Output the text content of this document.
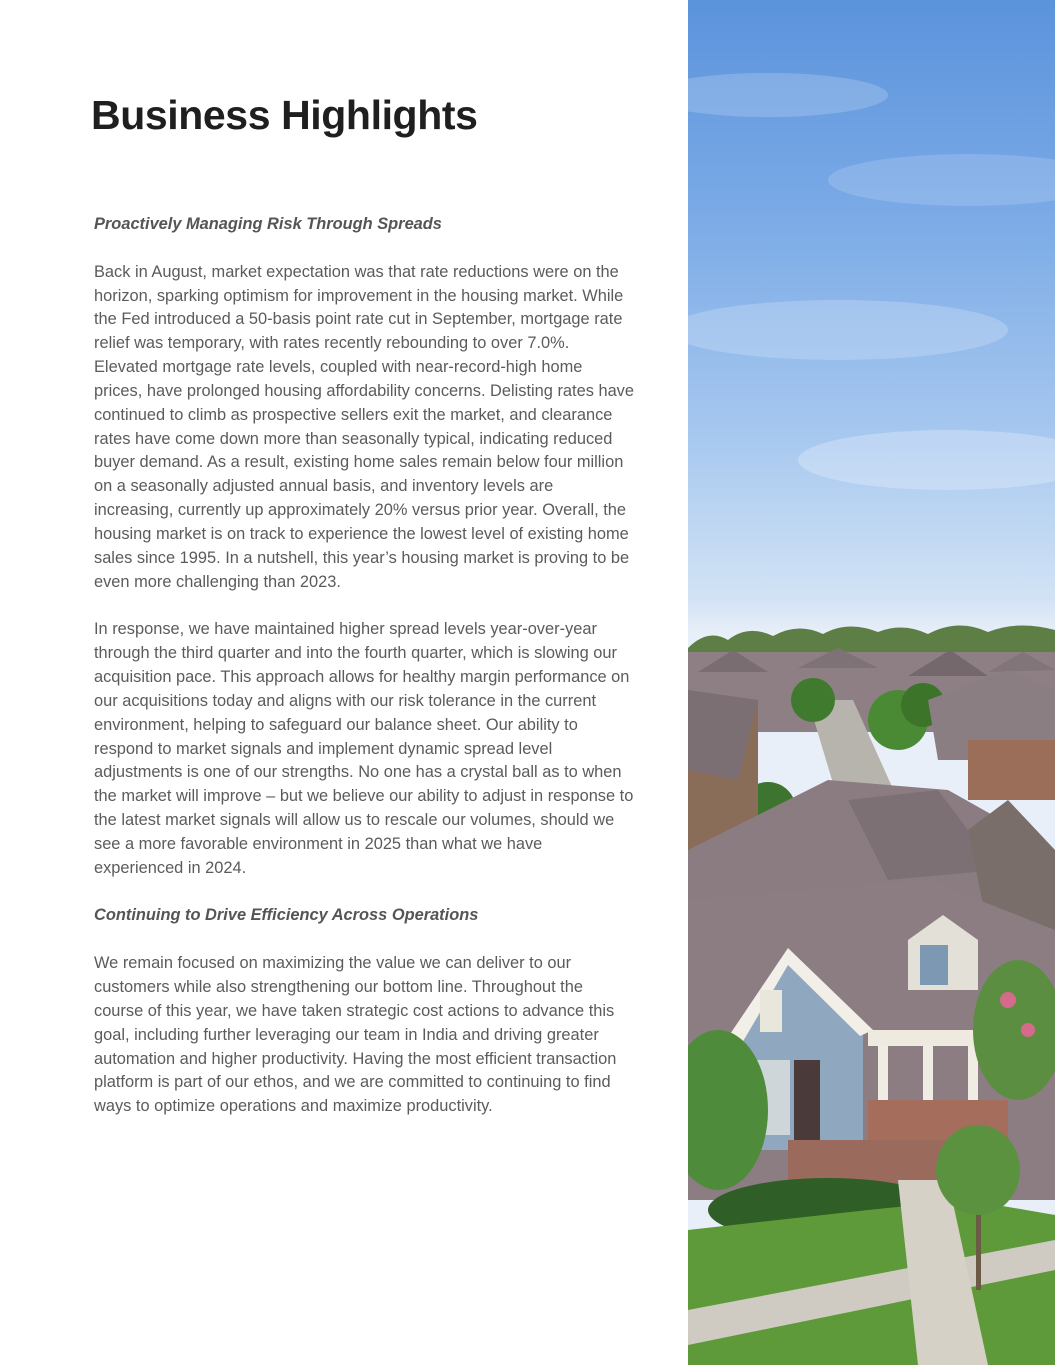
Business Highlights
Proactively Managing Risk Through Spreads

Back in August, market expectation was that rate reductions were on the horizon, sparking optimism for improvement in the housing market. While the Fed introduced a 50-basis point rate cut in September, mortgage rate relief was temporary, with rates recently rebounding to over 7.0%. Elevated mortgage rate levels, coupled with near-record-high home prices, have prolonged housing affordability concerns. Delisting rates have continued to climb as prospective sellers exit the market, and clearance rates have come down more than seasonally typical, indicating reduced buyer demand. As a result, existing home sales remain below four million on a seasonally adjusted annual basis, and inventory levels are increasing, currently up approximately 20% versus prior year. Overall, the housing market is on track to experience the lowest level of existing home sales since 1995. In a nutshell, this year’s housing market is proving to be even more challenging than 2023.

In response, we have maintained higher spread levels year-over-year through the third quarter and into the fourth quarter, which is slowing our acquisition pace. This approach allows for healthy margin performance on our acquisitions today and aligns with our risk tolerance in the current environment, helping to safeguard our balance sheet. Our ability to respond to market signals and implement dynamic spread level adjustments is one of our strengths. No one has a crystal ball as to when the market will improve – but we believe our ability to adjust in response to the latest market signals will allow us to rescale our volumes, should we see a more favorable environment in 2025 than what we have experienced in 2024.

Continuing to Drive Efficiency Across Operations

We remain focused on maximizing the value we can deliver to our customers while also strengthening our bottom line. Throughout the course of this year, we have taken strategic cost actions to advance this goal, including further leveraging our team in India and driving greater automation and higher productivity. Having the most efficient transaction platform is part of our ethos, and we are committed to continuing to find ways to optimize operations and maximize productivity.
